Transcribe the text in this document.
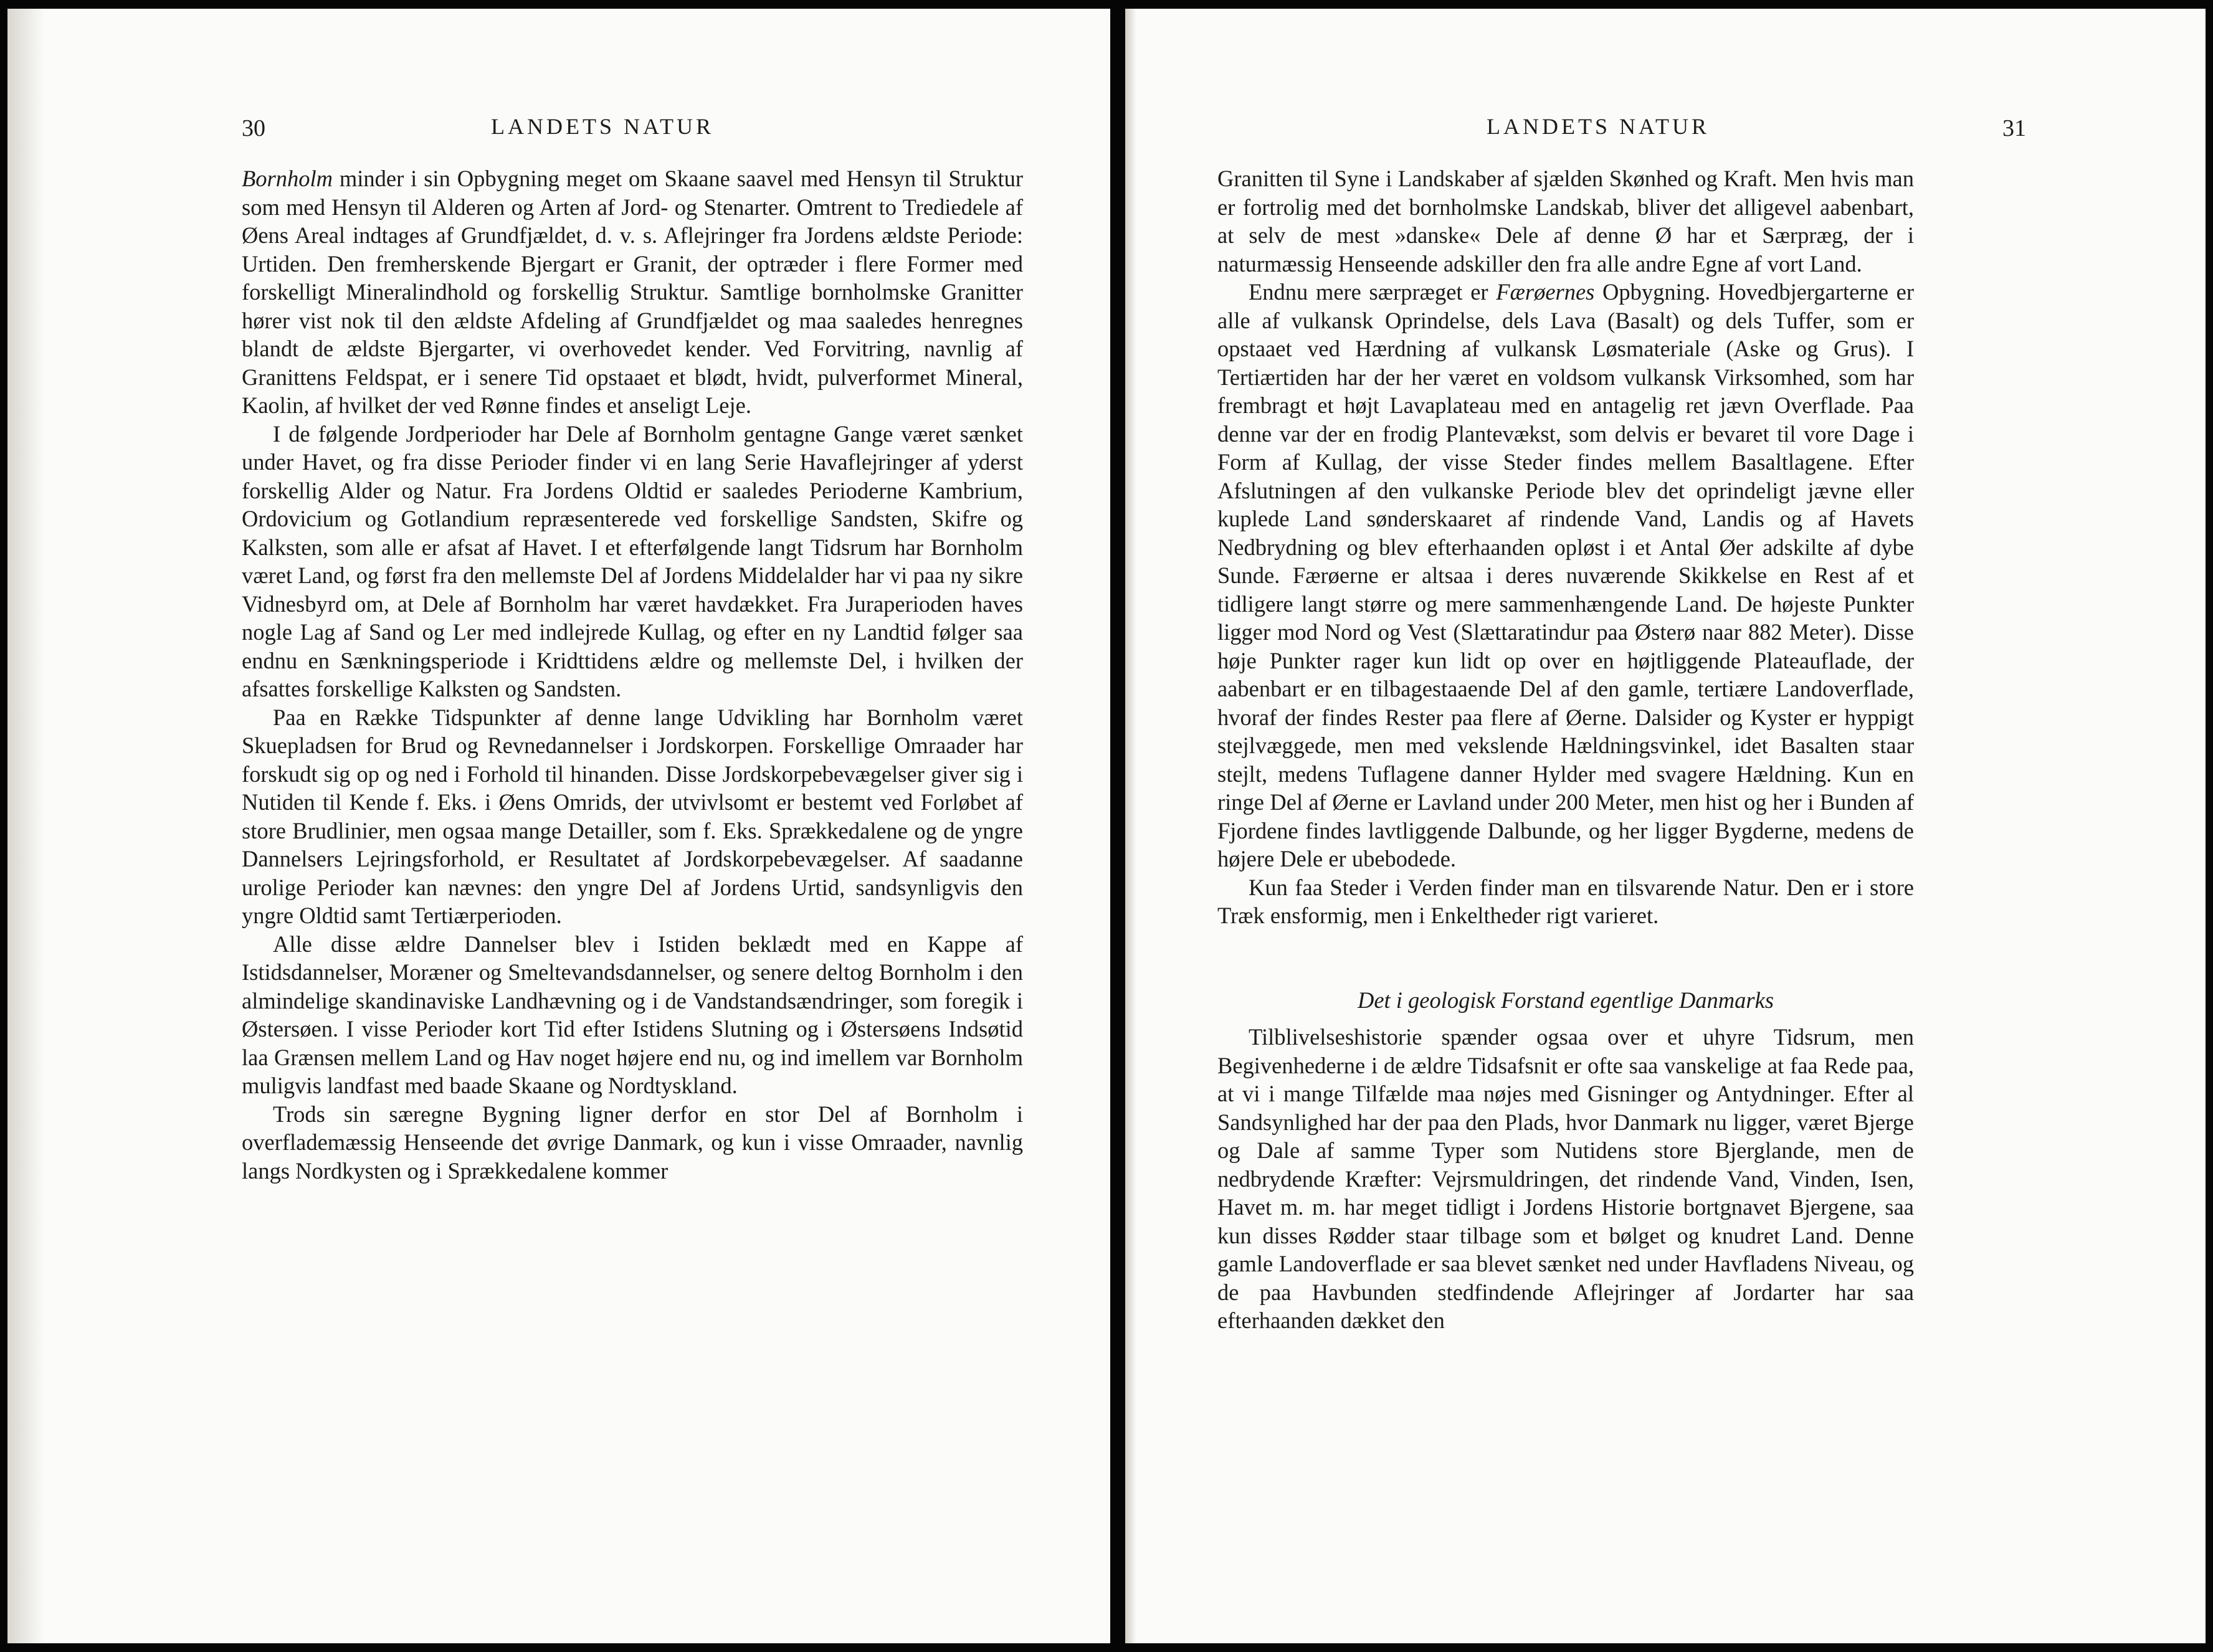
30	LANDETS NATUR

Bornholm minder i sin Opbygning meget om Skaane saavel med Hensyn til Struktur som med Hensyn til Alderen og Arten af Jord- og Stenarter. Omtrent to Trediedele af Øens Areal indtages af Grundfjældet, d. v. s. Aflejringer fra Jordens ældste Periode: Urtiden. Den fremherskende Bjergart er Granit, der optræder i flere Former med forskelligt Mineralindhold og forskellig Struktur. Samtlige bornholmske Granitter hører vist nok til den ældste Afdeling af Grundfjældet og maa saaledes henregnes blandt de ældste Bjergarter, vi overhovedet kender. Ved Forvitring, navnlig af Granittens Feldspat, er i senere Tid opstaaet et blødt, hvidt, pulverformet Mineral, Kaolin, af hvilket der ved Rønne findes et anseligt Leje.

I de følgende Jordperioder har Dele af Bornholm gentagne Gange været sænket under Havet, og fra disse Perioder finder vi en lang Serie Havaflejringer af yderst forskellig Alder og Natur. Fra Jordens Oldtid er saaledes Perioderne Kambrium, Ordovicium og Gotlandium repræsenterede ved forskellige Sandsten, Skifre og Kalksten, som alle er afsat af Havet. I et efterfølgende langt Tidsrum har Bornholm været Land, og først fra den mellemste Del af Jordens Middelalder har vi paa ny sikre Vidnesbyrd om, at Dele af Bornholm har været havdækket. Fra Juraperioden haves nogle Lag af Sand og Ler med indlejrede Kullag, og efter en ny Landtid følger saa endnu en Sænkningsperiode i Kridttidens ældre og mellemste Del, i hvilken der afsattes forskellige Kalksten og Sandsten.

Paa en Række Tidspunkter af denne lange Udvikling har Bornholm været Skuepladsen for Brud og Revnedannelser i Jordskorpen. Forskellige Omraader har forskudt sig op og ned i Forhold til hinanden. Disse Jordskorpebevægelser giver sig i Nutiden til Kende f. Eks. i Øens Omrids, der utvivlsomt er bestemt ved Forløbet af store Brudlinier, men ogsaa mange Detailler, som f. Eks. Sprækkedalene og de yngre Dannelsers Lejringsforhold, er Resultatet af Jordskorpebevægelser. Af saadanne urolige Perioder kan nævnes: den yngre Del af Jordens Urtid, sandsynligvis den yngre Oldtid samt Tertiærperioden.

Alle disse ældre Dannelser blev i Istiden beklædt med en Kappe af Istidsdannelser, Moræner og Smeltevandsdannelser, og senere deltog Bornholm i den almindelige skandinaviske Landhævning og i de Vandstandsændringer, som foregik i Østersøen. I visse Perioder kort Tid efter Istidens Slutning og i Østersøens Indsøtid laa Grænsen mellem Land og Hav noget højere end nu, og ind imellem var Bornholm muligvis landfast med baade Skaane og Nordtyskland.

Trods sin særegne Bygning ligner derfor en stor Del af Bornholm i overflademæssig Henseende det øvrige Danmark, og kun i visse Omraader, navnlig langs Nordkysten og i Sprækkedalene kommer

LANDETS NATUR	31

Granitten til Syne i Landskaber af sjælden Skønhed og Kraft. Men hvis man er fortrolig med det bornholmske Landskab, bliver det alligevel aabenbart, at selv de mest »danske« Dele af denne Ø har et Særpræg, der i naturmæssig Henseende adskiller den fra alle andre Egne af vort Land.

Endnu mere særpræget er Færøernes Opbygning. Hovedbjergarterne er alle af vulkansk Oprindelse, dels Lava (Basalt) og dels Tuffer, som er opstaaet ved Hærdning af vulkansk Løsmateriale (Aske og Grus). I Tertiærtiden har der her været en voldsom vulkansk Virksomhed, som har frembragt et højt Lavaplateau med en antagelig ret jævn Overflade. Paa denne var der en frodig Plantevækst, som delvis er bevaret til vore Dage i Form af Kullag, der visse Steder findes mellem Basaltlagene. Efter Afslutningen af den vulkanske Periode blev det oprindeligt jævne eller kuplede Land sønderskaaret af rindende Vand, Landis og af Havets Nedbrydning og blev efterhaanden opløst i et Antal Øer adskilte af dybe Sunde. Færøerne er altsaa i deres nuværende Skikkelse en Rest af et tidligere langt større og mere sammenhængende Land. De højeste Punkter ligger mod Nord og Vest (Slættaratindur paa Østerø naar 882 Meter). Disse høje Punkter rager kun lidt op over en højtliggende Plateauflade, der aabenbart er en tilbagestaaende Del af den gamle, tertiære Landoverflade, hvoraf der findes Rester paa flere af Øerne. Dalsider og Kyster er hyppigt stejlvæggede, men med vekslende Hældningsvinkel, idet Basalten staar stejlt, medens Tuflagene danner Hylder med svagere Hældning. Kun en ringe Del af Øerne er Lavland under 200 Meter, men hist og her i Bunden af Fjordene findes lavtliggende Dalbunde, og her ligger Bygderne, medens de højere Dele er ubebodede.

Kun faa Steder i Verden finder man en tilsvarende Natur. Den er i store Træk ensformig, men i Enkeltheder rigt varieret.

Det i geologisk Forstand egentlige Danmarks

Tilblivelseshistorie spænder ogsaa over et uhyre Tidsrum, men Begivenhederne i de ældre Tidsafsnit er ofte saa vanskelige at faa Rede paa, at vi i mange Tilfælde maa nøjes med Gisninger og Antydninger. Efter al Sandsynlighed har der paa den Plads, hvor Danmark nu ligger, været Bjerge og Dale af samme Typer som Nutidens store Bjerglande, men de nedbrydende Kræfter: Vejrsmuldringen, det rindende Vand, Vinden, Isen, Havet m. m. har meget tidligt i Jordens Historie bortgnavet Bjergene, saa kun disses Rødder staar tilbage som et bølget og knudret Land. Denne gamle Landoverflade er saa blevet sænket ned under Havfladens Niveau, og de paa Havbunden stedfindende Aflejringer af Jordarter har saa efterhaanden dækket den
